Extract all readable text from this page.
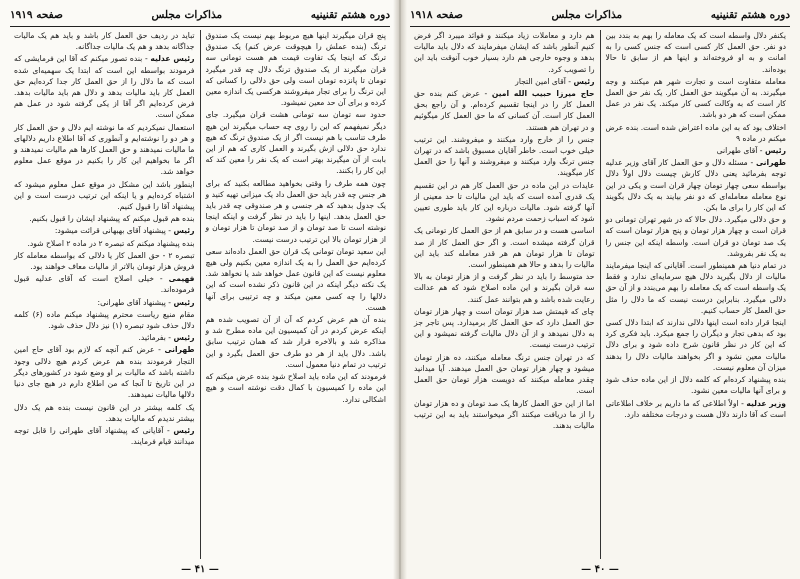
دوره هشتم تقنینیه
مذاکرات مجلس
صفحه ۱۹۱۹

پنج قران میگیرند اینها هیچ مربوط بهم نیست یک صندوق ترنگ (بنده عملش را هیچوقت عرض کنم) یک صندوق ترنگ که اینجا یک تفاوت قیمت هم هست تومانی سه قران میگیرند از یک صندوق ترنگ دلال چه قدر میگیرد تومان تا پانزده تومان است ولی حق دلالی را کسانی که این ترنگ را برای تجار میفروشند هرکسی یک اندازه معین کرده و برای آن حد معین نمیشود.

حدود سه تومان سه تومانی هشت قران میگیرد. جای دیگر نمیفهمم که این را روی چه حساب میگیرند این هیچ طرف تناسب با هم نیست اگر از یک صندوق ترنگ که هیچ ندارد حق دلالی ازش بگیرند و العمل کاری که هم از این بابت از آن میگیرند بهتر است که یک نفر را معین کند که این کار را بکنند.

چون همه طرف را وقتی بخواهید مطالعه بکنید که برای هر جنس چه قدر باید حق العمل داد یک میزانی تهیه کنید و یک جدول بدهید که هر جنسی و هر صندوقی چه قدر باید حق العمل بدهد. اینها را باید در نظر گرفت و اینکه اینجا نوشته است تا صد تومان و از صد تومان تا هزار تومان و از هزار تومان بالا این ترتیب درست نیست.

این سعید تومان تومانی یک قران حق العمل داده‌اند سعی کرده‌ایم حق العمل را به یک اندازه معین بکنیم ولی هیچ معلوم نیست که این قانون عمل خواهد شد یا نخواهد شد. یک نکته دیگر اینکه در این قانون ذکر نشده است که این دلالها را چه کسی معین میکند و چه ترتیبی برای آنها هست.

بنده آن هم عرض کردم که آن از آن تصویب شده هم اینکه عرض کردم در آن کمیسیون این ماده مطرح شد و مذاکره شد و بالاخره قرار شد که همان ترتیب سابق باشد. دلال باید از هر دو طرف حق العمل بگیرد و این ترتیب در تمام دنیا معمول است.

فرمودند که این ماده باید اصلاح شود بنده عرض میکنم که این ماده را کمیسیون با کمال دقت نوشته است و هیچ اشکالی ندارد.

تباید در ردیف حق العمل کار باشد و باید هم یک مالیات جداگانه بدهد و هم یک مالیات جداگانه.

رئیس عدلیه - بنده تصور میکنم که آقا این فرمایشی که فرمودند بواسطه این است که ابتدا یک سهمیه‌ای شده است که ما دلال را از حق العمل کار جدا کرده‌ایم حق العمل کار باید مالیات بدهد و دلال هم باید مالیات بدهد. فرض کرده‌ایم اگر آقا از یکی گرفته شود در عمل هم ممکن است.

استعمال نمیکردیم که ما نوشته ایم دلال و حق العمل کار و هر دو را نوشته‌ایم و آنطوری که آقا اطلاع داریم دلالهای ما مالیات نمیدهند و حق العمل کارها هم مالیات نمیدهند و اگر ما بخواهیم این کار را بکنیم در موقع عمل معلوم خواهد شد.

اینطور باشد این مشکل در موقع عمل معلوم میشود که اشتباه کرده‌ایم و یا اینکه این ترتیب درست است و این پیشنهاد آقا را قبول کنیم.

بنده هم قبول میکنم که پیشنهاد ایشان را قبول بکنیم.

رئیس - پیشنهاد آقای بهبهانی قرائت میشود:

بنده پیشنهاد میکنم که تبصره ۲ در ماده ۲ اصلاح شود.

تبصره ۲ - حق العمل کار یا دلالی که بواسطه معامله کار فروش هزار تومان بالاتر از مالیات معاف خواهند بود.

فهیمی - خیلی اصلاح است که آقای عدلیه قبول فرموده‌اند.

رئیس - پیشنهاد آقای طهرانی:

مقام منیع ریاست محترم پیشنهاد میکنم ماده (۶) کلمه دلال حذف شود تبصره (۱) نیز دلال حذف شود.

رئیس - بفرمائید.

طهرانی - عرض کنم آنچه که لازم بود آقای حاج امین التجار فرمودند بنده هم عرض کردم هیچ دلالی وجود داشته باشد که مالیات بر او وضع شود در کشورهای دیگر در این تاریخ تا آنجا که من اطلاع دارم در هیچ جای دنیا دلالها مالیات نمیدهند.

یک کلمه بیشتر در این قانون نیست بنده هم یک دلال بیشتر ندیدم که مالیات بدهد.

رئیس - آقایانی که پیشنهاد آقای طهرانی را قابل توجه میدانند قیام فرمایند.

— ۴۱ —
دوره هشتم تقنینیه
مذاکرات مجلس
صفحه ۱۹۱۸

یکنفر دلال واسطه است که یک معامله را بهم به بندد بین دو نفر. حق العمل کار کسی است که جنس کسی را به امانت و به او فروخته‌اند و اینها هم از سابق تا حالا بوده‌اند.

معامله متفاوت است و تجارت شهر هم میکنند و وجه میگیرند. به آن میگویند حق العمل کار. یک نفر حق العمل کار است که به وکالت کسی کار میکند. یک نفر در عمل ممکن است که هر دو باشد.

اختلاف بود که به این ماده اعتراض شده است. بنده عرض میکنم در ماده ۹

رئیس - آقای طهرانی

طهرانی - مسئله دلال و حق العمل کار آقای وزیر عدلیه توجه بفرمائید یعنی دلال کارش چیست دلال اولاً دلال بواسطه سعی چهار تومان چهار قران است و یکی در این نوع معامله معامله‌ای که دو نفر بیایند به یک دلال بگویند که این کار را برای ما بکن.

و حق دلالی میگیرد. دلال حالا که در شهر تهران تومانی دو قران است و چهار هزار تومان و پنج هزار تومان است که یک صد تومان دو قران است. واسطه اینکه این جنس را به یک نفر بفروشد.

در تمام دنیا هم همینطور است. آقایانی که اینجا میفرمایند مالیات از دلال بگیرید دلال هیچ سرمایه‌ای ندارد و فقط یک واسطه است که یک معامله را بهم می‌بندد و از آن حق دلالی میگیرد. بنابراین درست نیست که ما دلال را مثل حق العمل کار حساب کنیم.

اینجا قرار داده است اینها دلالی ندارند که ابتدا دلال کسی بود که بدهی تجار و دیگران را جمع میکرد. باید فکری کرد که این کار در نظر قانون شرح داده شود و برای دلال مالیات معین نشود و اگر بخواهند مالیات دلال را بدهند میزان آن معلوم نیست.

بنده پیشنهاد کرده‌ام که کلمه دلال از این ماده حذف شود و برای آنها مالیات معین نشود.

وزیر عدلیه - اولاً اطلاعی که ما داریم بر خلاف اطلاعاتی است که آقا دارند دلال هست و درجات مختلفه دارد.

هم دارد و معاملات زیاد میکنند و فوائد میبرد اگر فرض کنیم آنطور باشد که ایشان میفرمایند که دلال باید مالیات بدهد و وجوه خارجی هم دارد بسیار خوب آنوقت باید این را تصویب کرد.

رئیس - آقای امین التجار

حاج میرزا حبیب الله امین - عرض کنم بنده حق العمل کار را در اینجا تقسیم کرده‌ام. و آن راجع بحق العمل کار است. آن کسانی که ما حق العمل کار میگوئیم و در تهران هم هستند.

جنس را از خارج وارد میکنند و میفروشند. این ترتیب خیلی خوب است. خاطر آقایان مسبوق باشد که در تهران جنس ترنگ وارد میکنند و میفروشند و آنها را حق العمل کار میگویند.

عایدات در این ماده در حق العمل کار هم در این تقسیم یک قدری آمده است که باید این مالیات تا حد معینی از آنها گرفته شود. مالیات درباره این کار باید طوری تعیین شود که اسباب زحمت مردم نشود.

اساسی هست و در سابق هم از حق العمل کار تومانی یک قران گرفته میشده است. و اگر حق العمل کار از صد تومان تا هزار تومان هم هر قدر معامله کند باید این مالیات را بدهد و حالا هم همینطور است.

حد متوسط را باید در نظر گرفت و از هزار تومان به بالا سه قران بگیرند و این ماده اصلاح شود که هم عدالت رعایت شده باشد و هم بتوانند عمل کنند.

چای که قیمتش صد هزار تومان است و چهار هزار تومان حق العمل دارد که حق العمل کار برمیدارد. پس تاجر جز به دلال نمیدهد و از آن دلال مالیات گرفته نمیشود و این ترتیب درست نیست.

که در تهران جنس ترنگ معامله میکنند، ده هزار تومان میشود و چهار هزار تومان حق العمل میدهند. آیا میدانید چقدر معامله میکنند که دویست هزار تومان حق العمل است.

اما از این حق العمل کارها یک صد تومان و ده هزار تومان را از ما دریافت میکنند اگر میخواستند باید به این ترتیب مالیات بدهند.

— ۴۰ —
